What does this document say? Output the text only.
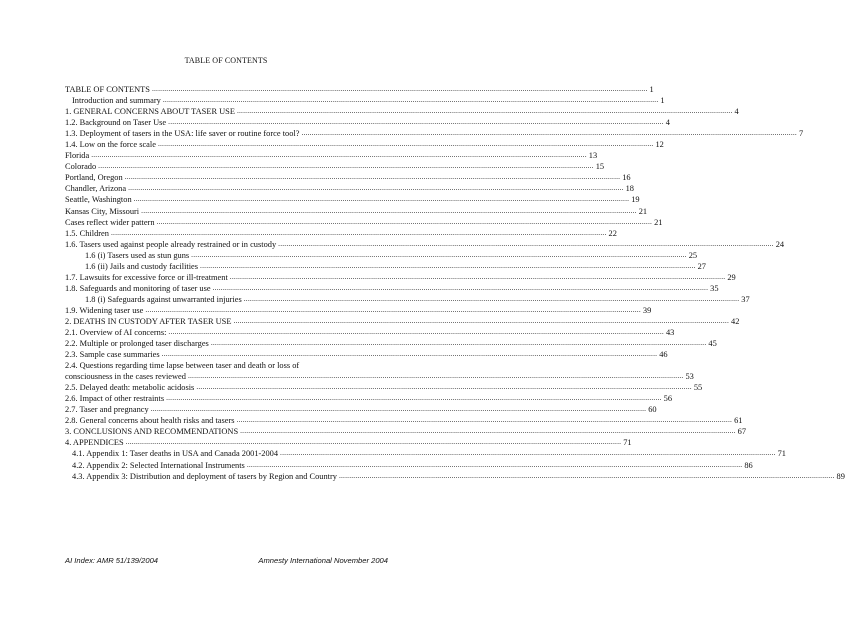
TABLE OF CONTENTS
TABLE OF CONTENTS .....	1
Introduction and summary .....	1
1. GENERAL CONCERNS ABOUT TASER USE .....	4
1.2. Background on Taser Use .....	4
1.3. Deployment of tasers in the USA: life saver or routine force tool? .....	7
1.4. Low on the force scale .....	12
Florida .....	13
Colorado .....	15
Portland, Oregon .....	16
Chandler, Arizona .....	18
Seattle, Washington .....	19
Kansas City, Missouri .....	21
Cases reflect wider pattern .....	21
1.5. Children .....	22
1.6. Tasers used against people already restrained or in custody .....	24
1.6 (i) Tasers used as stun guns .....	25
1.6 (ii) Jails and custody facilities .....	27
1.7. Lawsuits for excessive force or ill-treatment .....	29
1.8. Safeguards and monitoring of taser use .....	35
1.8 (i) Safeguards against unwarranted injuries .....	37
1.9. Widening taser use .....	39
2. DEATHS IN CUSTODY AFTER TASER USE .....	42
2.1. Overview of AI concerns: .....	43
2.2. Multiple or prolonged taser discharges .....	45
2.3. Sample case summaries .....	46
2.4. Questions regarding time lapse between taser and death or loss of
consciousness in the cases reviewed .....	53
2.5. Delayed death: metabolic acidosis .....	55
2.6. Impact of other restraints .....	56
2.7. Taser and pregnancy .....	60
2.8. General concerns about health risks and tasers .....	61
3. CONCLUSIONS AND RECOMMENDATIONS .....	67
4. APPENDICES .....	71
4.1. Appendix 1: Taser deaths in USA and Canada 2001-2004 .....	71
4.2. Appendix 2: Selected International Instruments .....	86
4.3. Appendix 3: Distribution and deployment of tasers by Region and Country .....	89
AI Index: AMR 51/139/2004	Amnesty International November 2004
